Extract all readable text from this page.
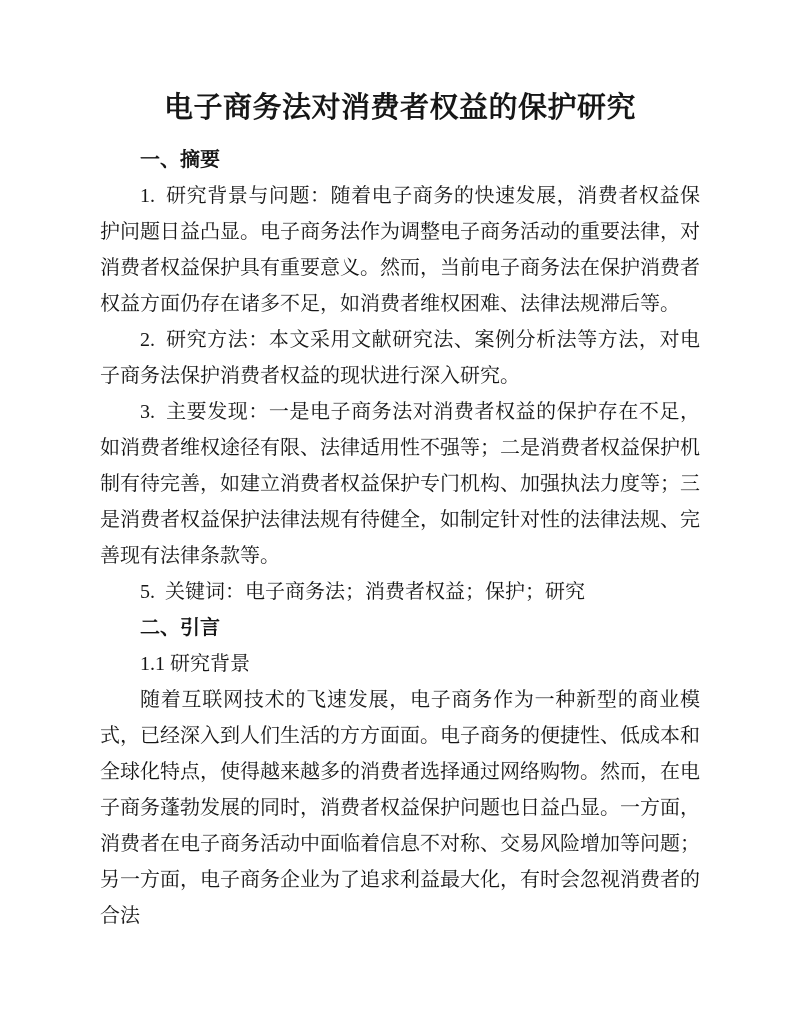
电子商务法对消费者权益的保护研究

一、摘要

1.  研究背景与问题：随着电子商务的快速发展，消费者权益保护问题日益凸显。电子商务法作为调整电子商务活动的重要法律，对消费者权益保护具有重要意义。然而，当前电子商务法在保护消费者权益方面仍存在诸多不足，如消费者维权困难、法律法规滞后等。

2.  研究方法：本文采用文献研究法、案例分析法等方法，对电子商务法保护消费者权益的现状进行深入研究。

3.  主要发现：一是电子商务法对消费者权益的保护存在不足，如消费者维权途径有限、法律适用性不强等；二是消费者权益保护机制有待完善，如建立消费者权益保护专门机构、加强执法力度等；三是消费者权益保护法律法规有待健全，如制定针对性的法律法规、完善现有法律条款等。

5.  关键词：电子商务法；消费者权益；保护；研究

二、引言

1.1 研究背景

随着互联网技术的飞速发展，电子商务作为一种新型的商业模式，已经深入到人们生活的方方面面。电子商务的便捷性、低成本和全球化特点，使得越来越多的消费者选择通过网络购物。然而，在电子商务蓬勃发展的同时，消费者权益保护问题也日益凸显。一方面，消费者在电子商务活动中面临着信息不对称、交易风险增加等问题；另一方面，电子商务企业为了追求利益最大化，有时会忽视消费者的合法
